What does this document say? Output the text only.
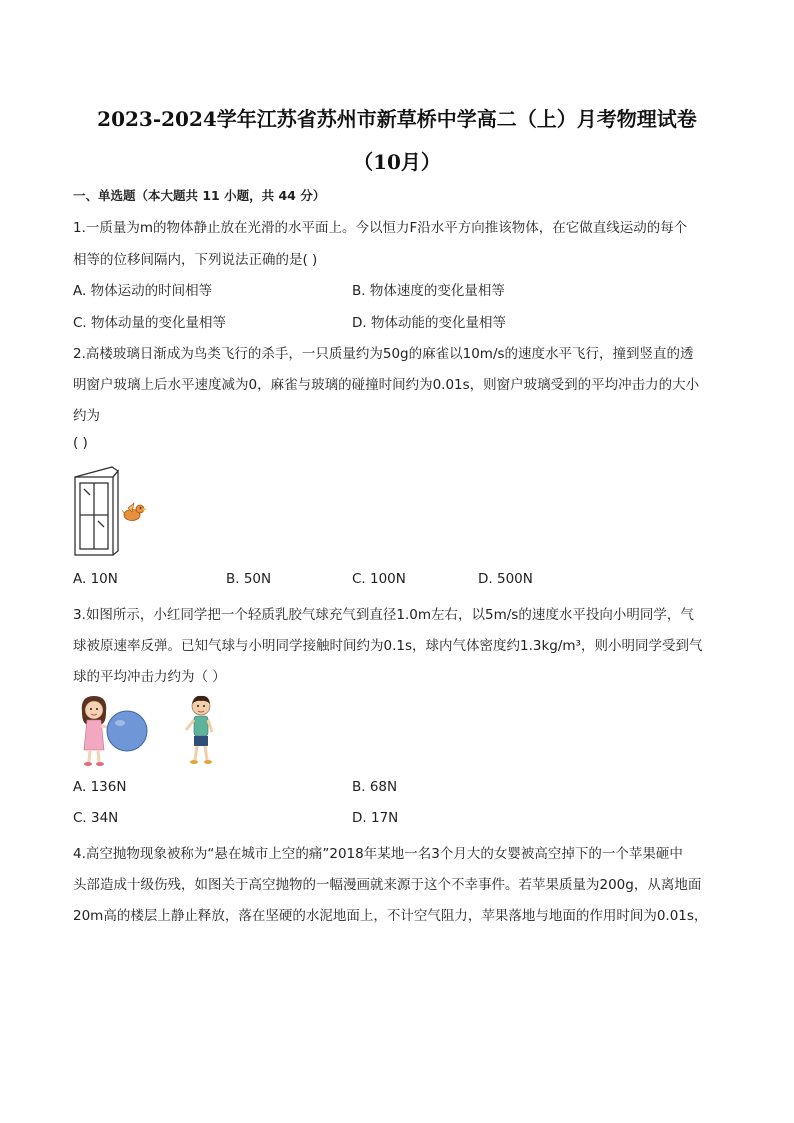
2023-2024学年江苏省苏州市新草桥中学高二（上）月考物理试卷
（10月）
一、单选题（本大题共 11 小题，共 44 分）
1.一质量为m的物体静止放在光滑的水平面上。今以恒力F沿水平方向推该物体，在它做直线运动的每个
相等的位移间隔内，下列说法正确的是( )
A. 物体运动的时间相等	B. 物体速度的变化量相等
C. 物体动量的变化量相等	D. 物体动能的变化量相等
2.高楼玻璃日渐成为鸟类飞行的杀手，一只质量约为50g的麻雀以10m/s的速度水平飞行，撞到竖直的透
明窗户玻璃上后水平速度减为0，麻雀与玻璃的碰撞时间约为0.01s，则窗户玻璃受到的平均冲击力的大小
约为
( )
A. 10N	B. 50N	C. 100N	D. 500N
3.如图所示，小红同学把一个轻质乳胶气球充气到直径1.0m左右，以5m/s的速度水平投向小明同学，气
球被原速率反弹。已知气球与小明同学接触时间约为0.1s，球内气体密度约1.3kg/m³，则小明同学受到气
球的平均冲击力约为（ ）
A. 136N	B. 68N
C. 34N	D. 17N
4.高空抛物现象被称为“悬在城市上空的痛”2018年某地一名3个月大的女婴被高空掉下的一个苹果砸中
头部造成十级伤残，如图关于高空抛物的一幅漫画就来源于这个不幸事件。若苹果质量为200g，从离地面
20m高的楼层上静止释放，落在坚硬的水泥地面上，不计空气阻力，苹果落地与地面的作用时间为0.01s，
